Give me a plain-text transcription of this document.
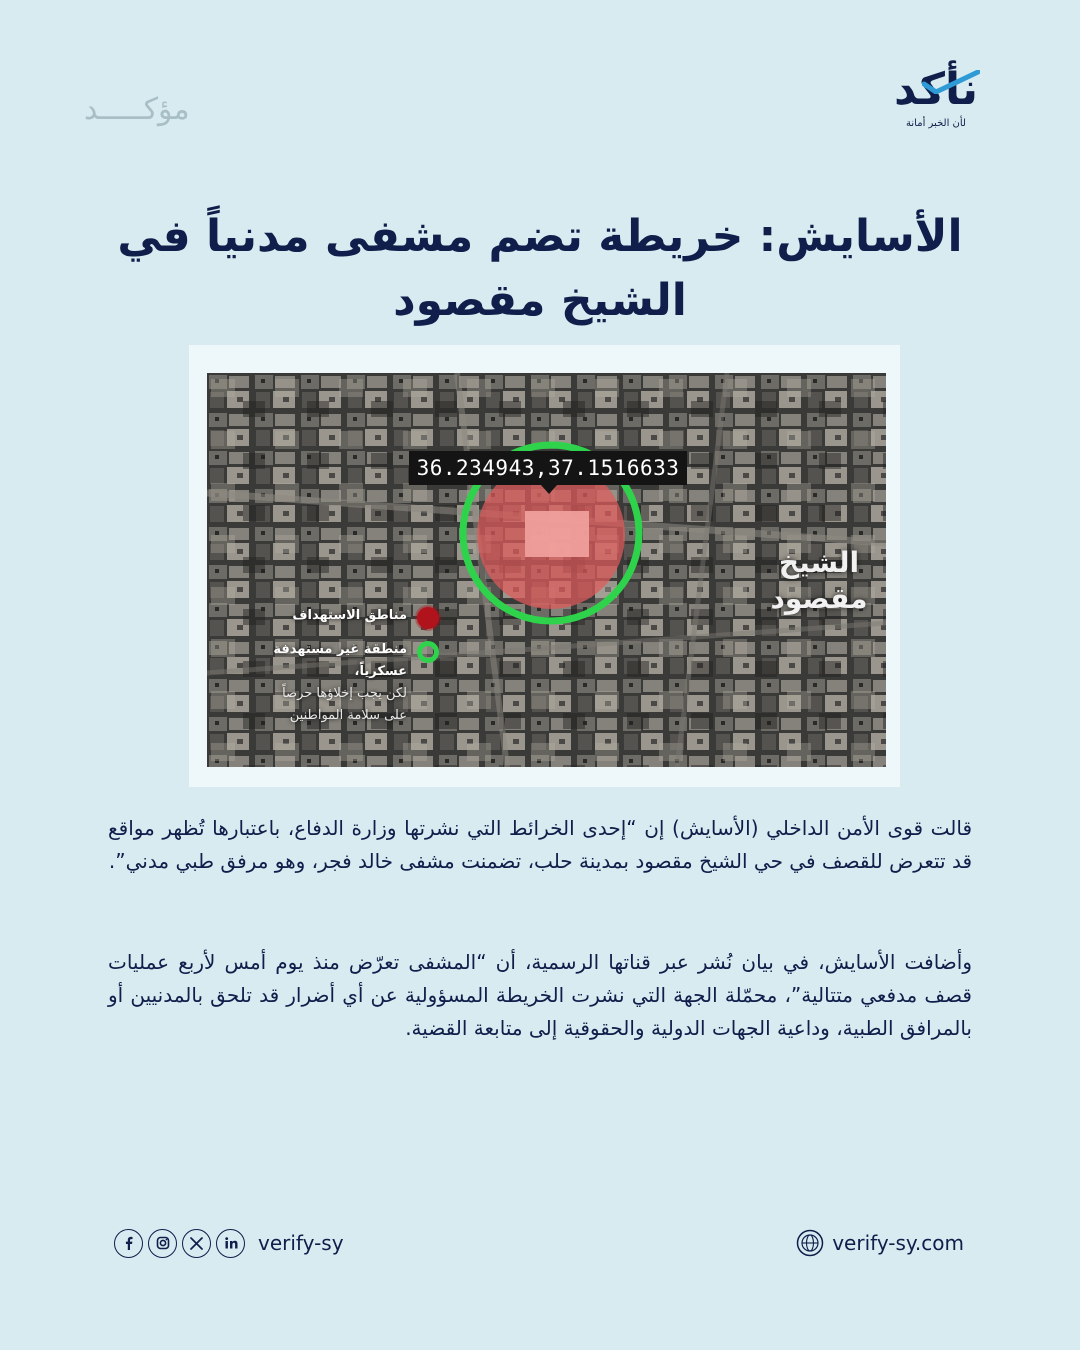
نأكد
لأن الخبر أمانة
مؤكـــــد
الأسايش: خريطة تضم مشفى مدنياً في الشيخ مقصود
36.234943,37.1516633
الشيخ مقصود
مناطق الاستهداف
منطقة غير مستهدفة عسكرياً،
لكن يجب إخلاؤها حرصاً
على سلامة المواطنين

قالت قوى الأمن الداخلي (الأسايش) إن “إحدى الخرائط التي نشرتها وزارة الدفاع، باعتبارها تُظهر مواقع قد تتعرض للقصف في حي الشيخ مقصود بمدينة حلب، تضمنت مشفى خالد فجر، وهو مرفق طبي مدني”.

وأضافت الأسايش، في بيان نُشر عبر قناتها الرسمية، أن “المشفى تعرّض منذ يوم أمس لأربع عمليات قصف مدفعي متتالية”، محمّلة الجهة التي نشرت الخريطة المسؤولية عن أي أضرار قد تلحق بالمدنيين أو بالمرافق الطبية، وداعية الجهات الدولية والحقوقية إلى متابعة القضية.

verify-sy	verify-sy.com
